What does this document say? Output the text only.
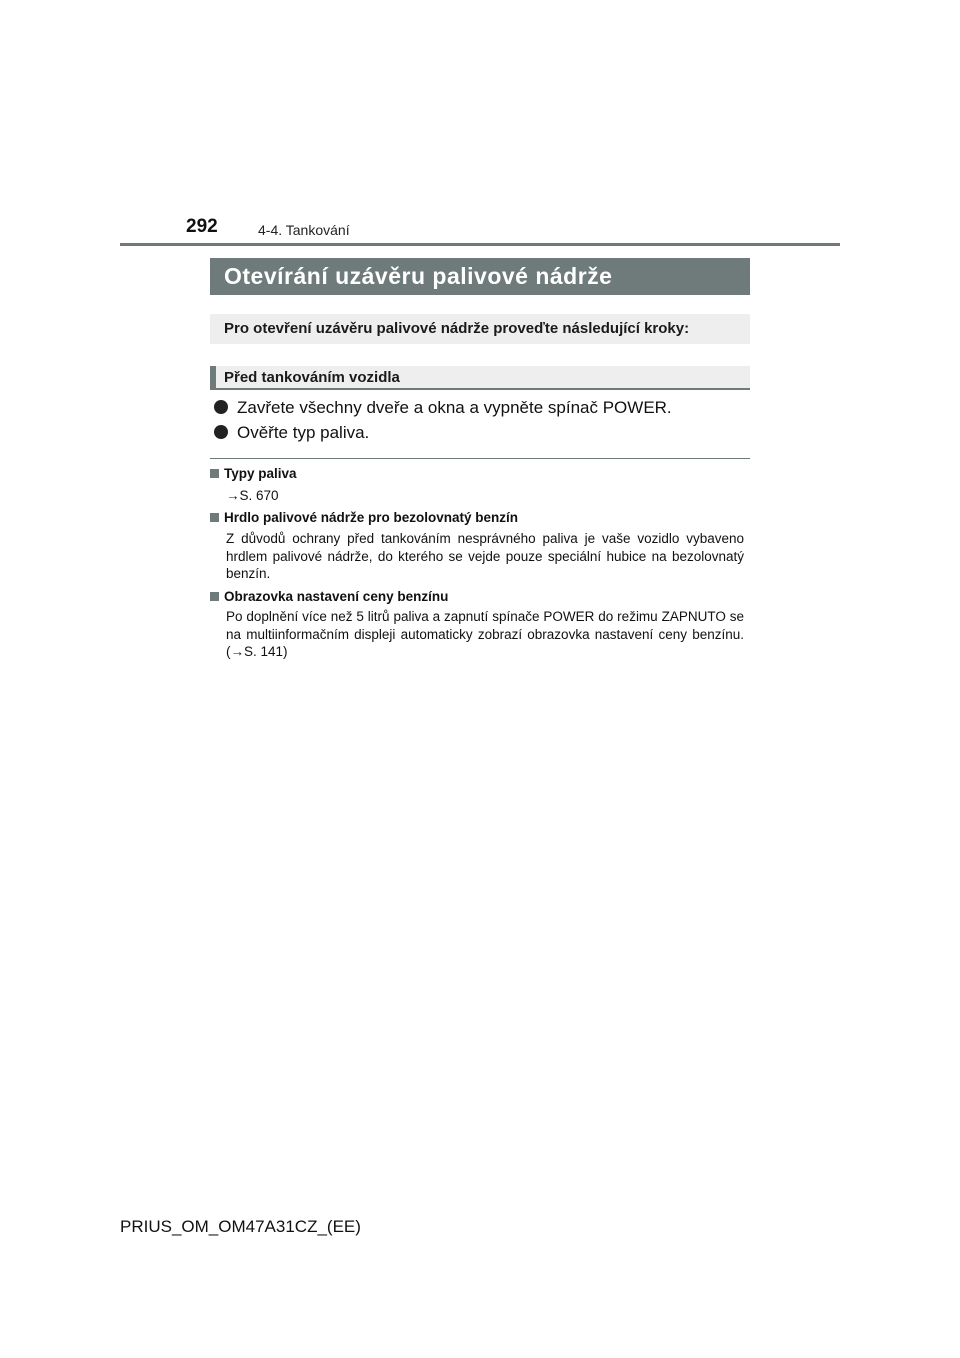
292	4-4. Tankování
Otevírání uzávěru palivové nádrže
Pro otevření uzávěru palivové nádrže proveďte následující kroky:
Před tankováním vozidla
Zavřete všechny dveře a okna a vypněte spínač POWER.
Ověřte typ paliva.
Typy paliva
→S. 670
Hrdlo palivové nádrže pro bezolovnatý benzín
Z důvodů ochrany před tankováním nesprávného paliva je vaše vozidlo vybaveno hrdlem palivové nádrže, do kterého se vejde pouze speciální hubice na bezolovnatý benzín.
Obrazovka nastavení ceny benzínu
Po doplnění více než 5 litrů paliva a zapnutí spínače POWER do režimu ZAPNUTO se na multiinformačním displeji automaticky zobrazí obrazovka nastavení ceny benzínu. (→S. 141)
PRIUS_OM_OM47A31CZ_(EE)
